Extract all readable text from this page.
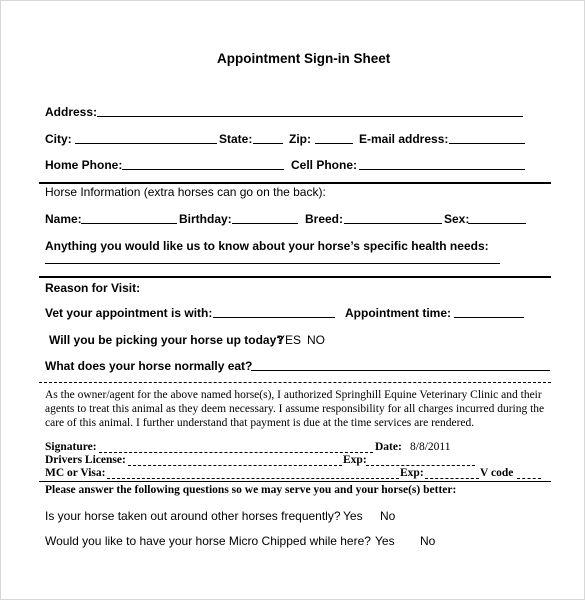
Appointment Sign-in Sheet
Address:
City:	State:	Zip:	E-mail address:
Home Phone:	Cell Phone:
Horse Information (extra horses can go on the back):
Name:	Birthday:	Breed:	Sex:
Anything you would like us to know about your horse’s specific health needs:
Reason for Visit:
Vet your appointment is with:	Appointment time:
Will you be picking your horse up today?
YES NO
What does your horse normally eat?
As the owner/agent for the above named horse(s), I authorized Springhill Equine Veterinary Clinic and their
agents to treat this animal as they deem necessary. I assume responsibility for all charges incurred during the
care of this animal. I further understand that payment is due at the time services are rendered.
Signature:	Date: 8/8/2011
Drivers License:	Exp:
MC or Visa:	Exp:	V code
Please answer the following questions so we may serve you and your horse(s) better:
Is your horse taken out around other horses frequently? Yes No
Would you like to have your horse Micro Chipped while here? Yes No
